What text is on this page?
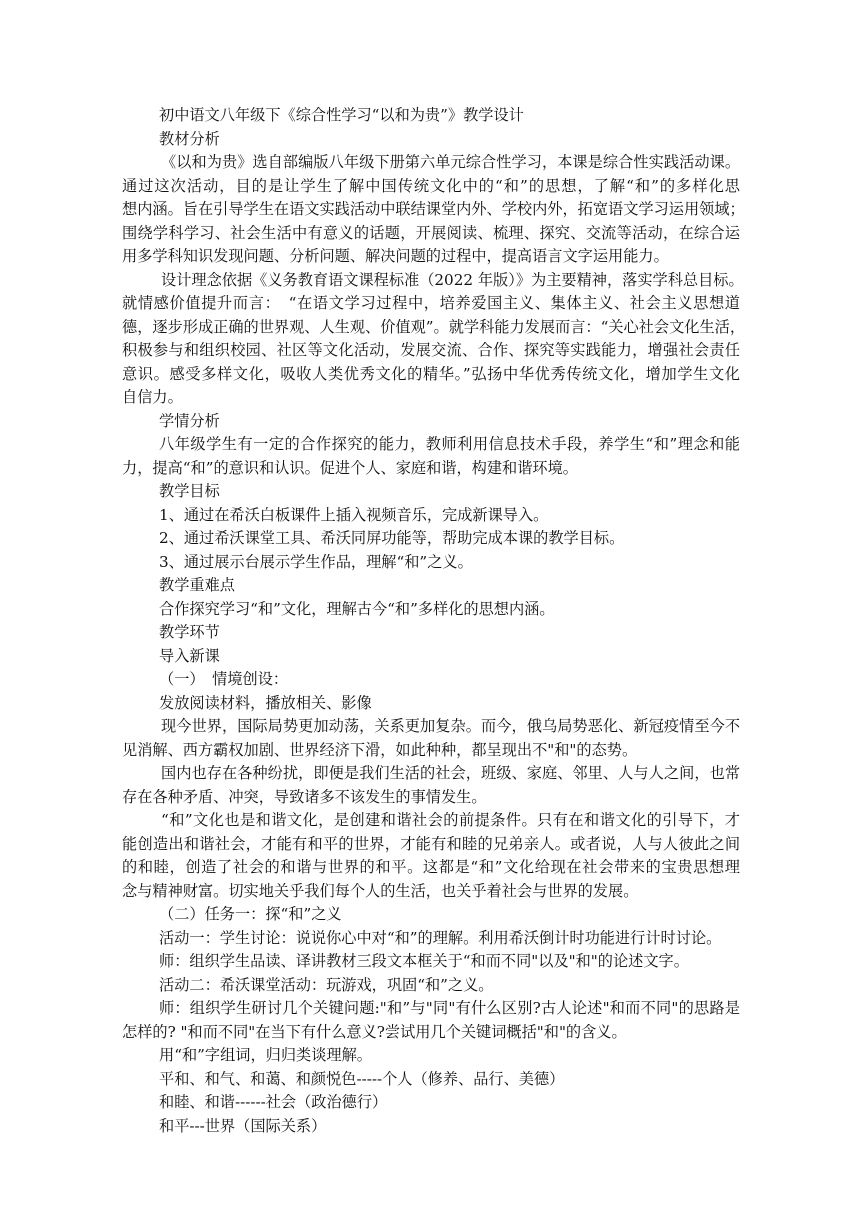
初中语文八年级下《综合性学习“以和为贵”》教学设计
教材分析
《以和为贵》选自部编版八年级下册第六单元综合性学习，本课是综合性实践活动课。
通过这次活动，目的是让学生了解中国传统文化中的“和”的思想，了解“和”的多样化思
想内涵。旨在引导学生在语文实践活动中联结课堂内外、学校内外，拓宽语文学习运用领域；
围绕学科学习、社会生活中有意义的话题，开展阅读、梳理、探究、交流等活动，在综合运
用多学科知识发现问题、分析问题、解决问题的过程中，提高语言文字运用能力。
设计理念依据《义务教育语文课程标准（2022 年版）》为主要精神，落实学科总目标。
就情感价值提升而言：　“在语文学习过程中，培养爱国主义、集体主义、社会主义思想道
德，逐步形成正确的世界观、人生观、价值观”。就学科能力发展而言：“关心社会文化生活，
积极参与和组织校园、社区等文化活动，发展交流、合作、探究等实践能力，增强社会责任
意识。感受多样文化，吸收人类优秀文化的精华。”弘扬中华优秀传统文化，增加学生文化
自信力。
学情分析
八年级学生有一定的合作探究的能力，教师利用信息技术手段，养学生“和”理念和能
力，提高“和”的意识和认识。促进个人、家庭和谐，构建和谐环境。
教学目标
1、通过在希沃白板课件上插入视频音乐，完成新课导入。
2、通过希沃课堂工具、希沃同屏功能等，帮助完成本课的教学目标。
3、通过展示台展示学生作品，理解“和”之义。
教学重难点
合作探究学习“和”文化，理解古今“和”多样化的思想内涵。
教学环节
导入新课
（一）　情境创设：
发放阅读材料，播放相关、影像
现今世界，国际局势更加动荡，关系更加复杂。而今，俄乌局势恶化、新冠疫情至今不
见消解、西方霸权加剧、世界经济下滑，如此种种，都呈现出不"和"的态势。
国内也存在各种纷扰，即便是我们生活的社会，班级、家庭、邻里、人与人之间，也常
存在各种矛盾、冲突，导致诸多不该发生的事情发生。
“和”文化也是和谐文化，是创建和谐社会的前提条件。只有在和谐文化的引导下，才
能创造出和谐社会，才能有和平的世界，才能有和睦的兄弟亲人。或者说，人与人彼此之间
的和睦，创造了社会的和谐与世界的和平。这都是“和”文化给现在社会带来的宝贵思想理
念与精神财富。切实地关乎我们每个人的生活，也关乎着社会与世界的发展。
（二）任务一：探“和”之义
活动一：学生讨论：说说你心中对“和”的理解。利用希沃倒计时功能进行计时讨论。
师：组织学生品读、译讲教材三段文本框关于“和而不同"以及"和"的论述文字。
活动二：希沃课堂活动：玩游戏，巩固“和”之义。
师：组织学生研讨几个关键问题:"和”与"同"有什么区别?古人论述"和而不同"的思路是
怎样的? "和而不同"在当下有什么意义?尝试用几个关键词概括"和"的含义。
用“和”字组词，归归类谈理解。
平和、和气、和蔼、和颜悦色-----个人（修养、品行、美德）
和睦、和谐------社会（政治德行）
和平---世界（国际关系）
